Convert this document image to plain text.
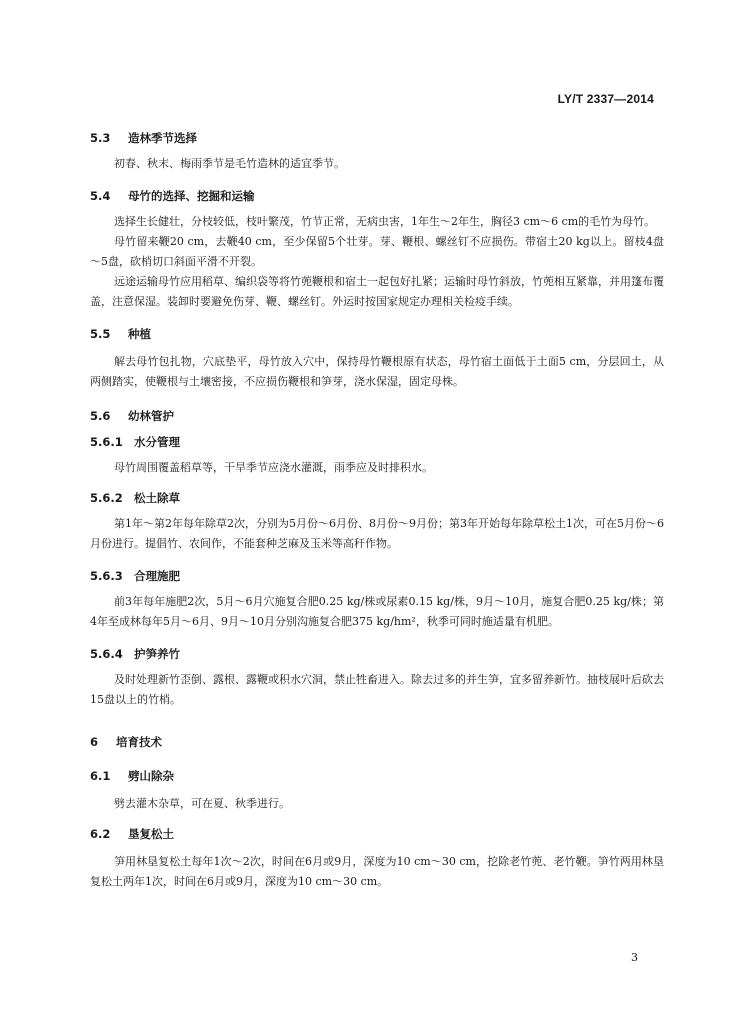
LY/T 2337—2014
5.3 造林季节选择
初春、秋末、梅雨季节是毛竹造林的适宜季节。
5.4 母竹的选择、挖掘和运输
选择生长健壮，分枝较低，枝叶繁茂，竹节正常，无病虫害，1年生～2年生，胸径3 cm～6 cm的毛竹为母竹。
母竹留来鞭20 cm，去鞭40 cm，至少保留5个壮芽。芽、鞭根、螺丝钉不应损伤。带宿土20 kg以上。留枝4盘～5盘，砍梢切口斜面平滑不开裂。
远途运输母竹应用稻草、编织袋等将竹蔸鞭根和宿土一起包好扎紧；运输时母竹斜放，竹蔸相互紧靠，并用篷布覆盖，注意保湿。装卸时要避免伤芽、鞭、螺丝钉。外运时按国家规定办理相关检疫手续。
5.5 种植
解去母竹包扎物，穴底垫平，母竹放入穴中，保持母竹鞭根原有状态，母竹宿土面低于土面5 cm，分层回土，从两侧踏实，使鞭根与土壤密接，不应损伤鞭根和笋芽，浇水保湿，固定母株。
5.6 幼林管护
5.6.1 水分管理
母竹周围覆盖稻草等，干旱季节应浇水灌溉，雨季应及时排积水。
5.6.2 松土除草
第1年～第2年每年除草2次，分别为5月份～6月份、8月份～9月份；第3年开始每年除草松土1次，可在5月份～6月份进行。提倡竹、农间作，不能套种芝麻及玉米等高秆作物。
5.6.3 合理施肥
前3年每年施肥2次，5月～6月穴施复合肥0.25 kg/株或尿素0.15 kg/株，9月～10月，施复合肥0.25 kg/株；第4年至成林每年5月～6月、9月～10月分别沟施复合肥375 kg/hm²，秋季可同时施适量有机肥。
5.6.4 护笋养竹
及时处理新竹歪倒、露根、露鞭或积水穴洞，禁止牲畜进入。除去过多的并生笋，宜多留养新竹。抽枝展叶后砍去15盘以上的竹梢。
6 培育技术
6.1 劈山除杂
劈去灌木杂草，可在夏、秋季进行。
6.2 垦复松土
笋用林垦复松土每年1次～2次，时间在6月或9月，深度为10 cm～30 cm，挖除老竹蔸、老竹鞭。笋竹两用林垦复松土两年1次，时间在6月或9月，深度为10 cm～30 cm。
3
